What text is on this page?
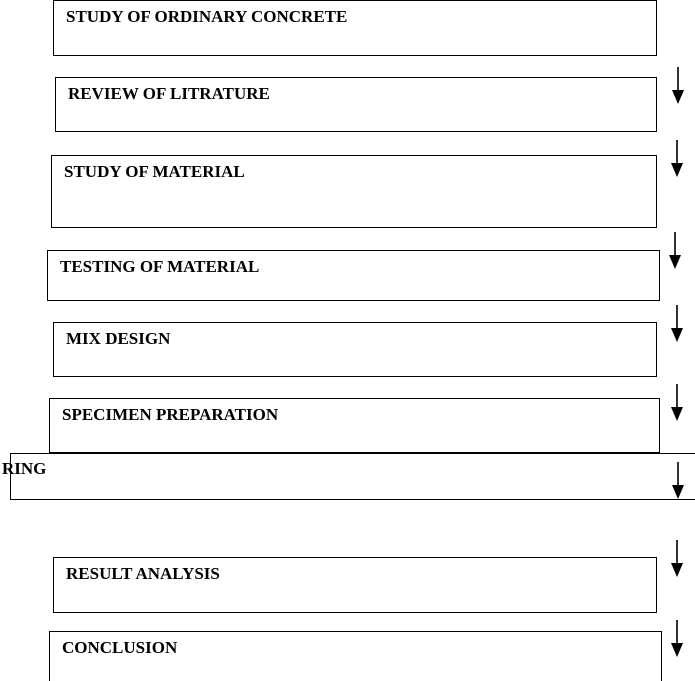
STUDY OF ORDINARY CONCRETE
REVIEW OF LITRATURE
STUDY OF MATERIAL
TESTING OF MATERIAL
MIX DESIGN
SPECIMEN PREPARATION
RING
RESULT ANALYSIS
CONCLUSION
